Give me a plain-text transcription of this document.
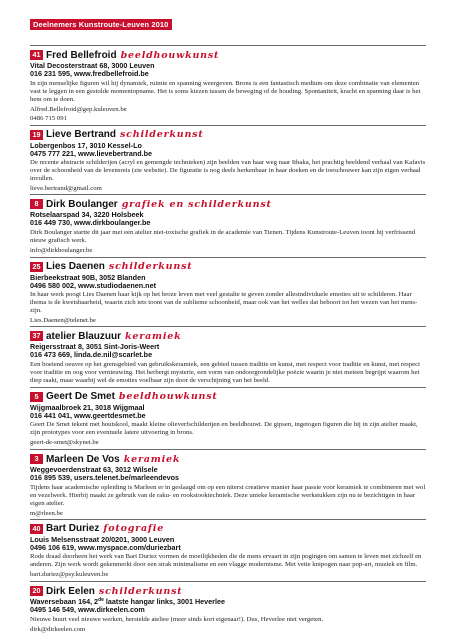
Deelnemers Kunstroute-Leuven 2010
41 Fred Bellefroid beeldhouwkunst
Vital Decosterstraat 68, 3000 Leuven
016 231 595, www.fredbellefroid.be
In zijn menselijke figuren wil hij dynamiek, ruimte en spanning weergeven. Brons is een fantastisch medium om deze combinatie van elementen vast te leggen in een gestolde momentopname. Het is soms kiezen tussen de beweging of de houding. Spontaniteit, kracht en spanning daar is het hem om te doen.
Alfred.Bellefroid@gep.kuleuven.be
0486 715 091
19 Lieve Bertrand schilderkunst
Lobergenbos 17, 3010 Kessel-Lo
0475 777 221, www.lievebertrand.be
De recente abstracte schilderijen (acryl en gemengde technieken) zijn beelden van haar weg naar Ithaka, het prachtig beeldend verhaal van Kafavis over de schoonheid van de levensreis (zie website). De figuratie is nog deels herkenbaar in haar doeken en de toeschouwer kan zijn eigen verhaal invullen.
lieve.bertrand@gmail.com
8 Dirk Boulanger grafiek en schilderkunst
Rotselaarspad 34, 3220 Holsbeek
016 449 730, www.dirkboulanger.be
Dirk Boulanger startte dit jaar met een atelier niet-toxische grafiek in de academie van Tienen. Tijdens Kunstroute-Leuven toont hij verfrissend nieuw grafisch werk.
info@dirkboulanger.be
25 Lies Daenen schilderkunst
Bierbeekstraat 90B, 3052 Blanden
0496 580 002, www.studiodaenen.net
In haar werk poogt Lies Daenen haar kijk op het broze leven met veel gestalte te geven zonder allesindividuele emoties uit te schilderen. Haar thema is de kwetsbaarheid, waarin zich iets toont van de sublieme schoonheid, maar ook van het welles dat behoort tot het wezen van het mens-zijn.
Lies.Daenen@telenet.be
37 atelier Blauzuur keramiek
Reigersstraat 8, 3051 Sint-Joris-Weert
016 473 669, linda.de.nil@scarlet.be
Een boeiend oeuvre op het grensgebied van gebruikskeramiek, een gebied tussen traditie en kunst, met respect voor traditie en kunst, met respect voor traditie en oog voor vernieuwing. Het herbergt mysterie, een vorm van ondoorgrondelijke poëzie waarin je niet meteen begrijpt waarom het diep raakt, maar waarbij wel de emoties voelbaar zijn door de verschijning van het beeld.
5 Geert De Smet beeldhouwkunst
Wijgmaalbroek 21, 3018 Wijgmaal
016 441 041, www.geertdesmet.be
Geert De Smet tekent met houtskool, maakt kleine olieverfschilderijen en beeldhouwt. De gipsen, ingetogen figuren die hij in zijn atelier maakt, zijn prototypes voor een eventuele latere uitvoering in brons.
geert-de-smet@skynet.be
3 Marleen De Vos keramiek
Weggevoerdenstraat 63, 3012 Wilsele
016 895 539, users.telenet.be/marleendevos
Tijdens haar academische opleiding is Marleen er in geslaagd om op een niterst creatieve manier haar passie voor keramiek te combineren met wol en vezelwerk. Hierbij maakt ze gebruik van de raku- en rookstooktechniek. Deze unieke keramische werkstukken zijn nu te bezichtigen in haar eigen atelier.
m@rleen.be
40 Bart Duriez fotografie
Louis Melsensstraat 20/0201, 3000 Leuven
0496 106 619, www.myspace.com/duriezbart
Rode draad doorheen het werk van Bart Duriez vormen de moeilijkheden die de mens ervaart in zijn pogingen om samen te leven met zichzelf en anderen. Zijn werk wordt gekenmerkt door een strak minimalisme en een vlagge modernisme. Met vette knipogen naar pop-art, muziek en film.
bart.duriez@psy.kuleuven.be
20 Dirk Eelen schilderkunst
Waversebaan 164, 2de laatste hangar links, 3001 Heverlee
0495 146 549, www.dirkeelen.com
Nieuwe buurt veel nieuwe werken, herstelde ateliee (meer sinds kort eigenaar!). Dus, Heverlee niet vergeten.
dirk@dirkeelen.com
